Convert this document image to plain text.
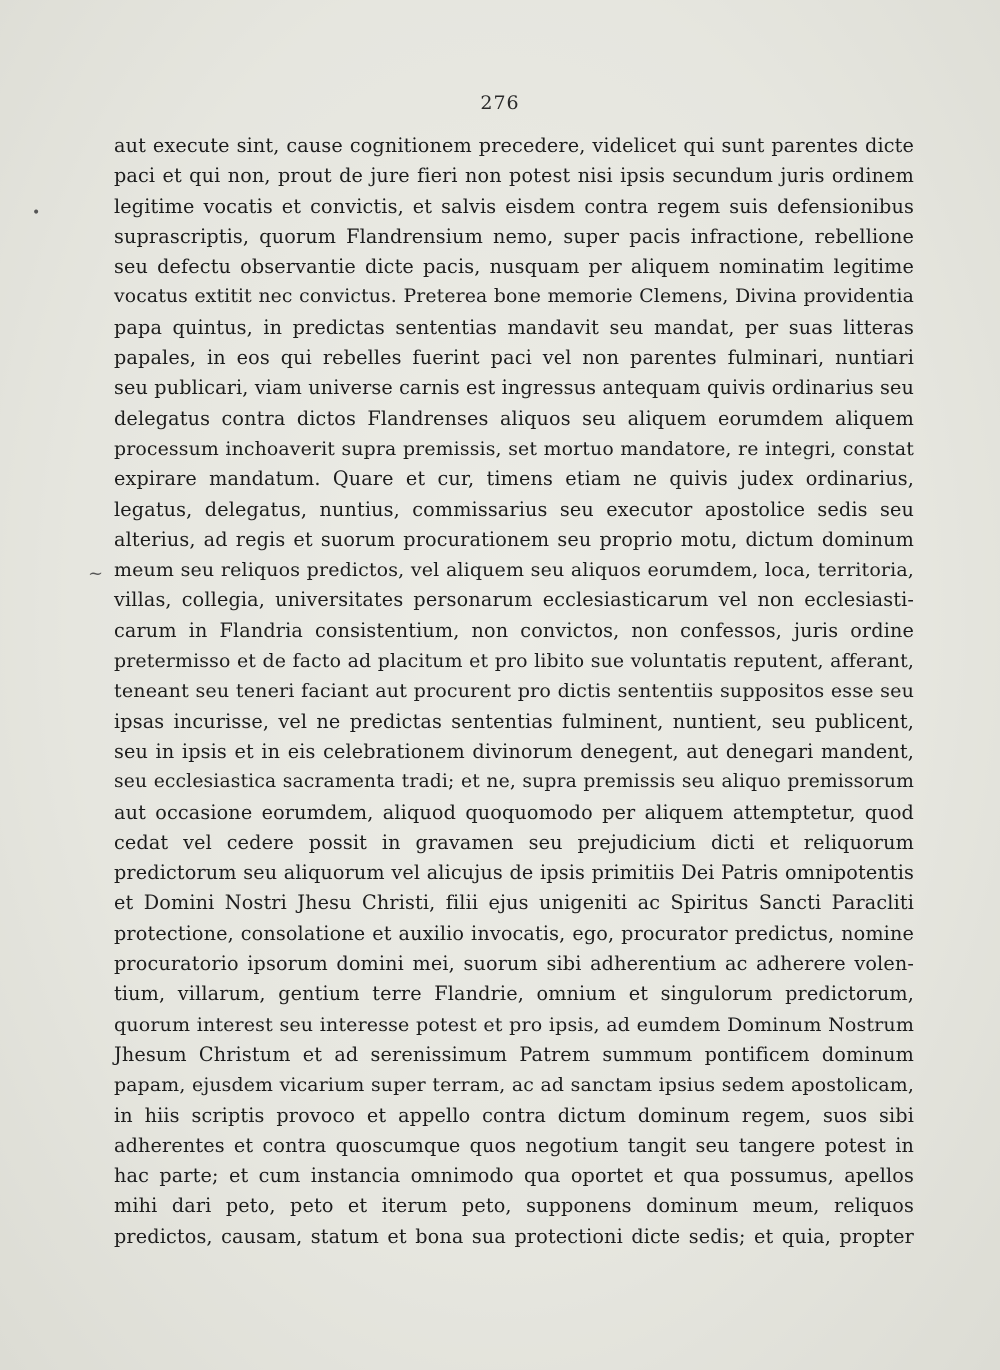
276
•
~
aut execute sint, cause cognitionem precedere, videlicet qui sunt parentes dicte
paci et qui non, prout de jure fieri non potest nisi ipsis secundum juris ordinem
legitime vocatis et convictis, et salvis eisdem contra regem suis defensionibus
suprascriptis, quorum Flandrensium nemo, super pacis infractione, rebellione
seu defectu observantie dicte pacis, nusquam per aliquem nominatim legitime
vocatus extitit nec convictus. Preterea bone memorie Clemens, Divina providentia
papa quintus, in predictas sententias mandavit seu mandat, per suas litteras
papales, in eos qui rebelles fuerint paci vel non parentes fulminari, nuntiari
seu publicari, viam universe carnis est ingressus antequam quivis ordinarius seu
delegatus contra dictos Flandrenses aliquos seu aliquem eorumdem aliquem
processum inchoaverit supra premissis, set mortuo mandatore, re integri, constat
expirare mandatum. Quare et cur, timens etiam ne quivis judex ordinarius,
legatus, delegatus, nuntius, commissarius seu executor apostolice sedis seu
alterius, ad regis et suorum procurationem seu proprio motu, dictum dominum
meum seu reliquos predictos, vel aliquem seu aliquos eorumdem, loca, territoria,
villas, collegia, universitates personarum ecclesiasticarum vel non ecclesiasti-
carum in Flandria consistentium, non convictos, non confessos, juris ordine
pretermisso et de facto ad placitum et pro libito sue voluntatis reputent, afferant,
teneant seu teneri faciant aut procurent pro dictis sententiis suppositos esse seu
ipsas incurisse, vel ne predictas sententias fulminent, nuntient, seu publicent,
seu in ipsis et in eis celebrationem divinorum denegent, aut denegari mandent,
seu ecclesiastica sacramenta tradi; et ne, supra premissis seu aliquo premissorum
aut occasione eorumdem, aliquod quoquomodo per aliquem attemptetur, quod
cedat vel cedere possit in gravamen seu prejudicium dicti et reliquorum
predictorum seu aliquorum vel alicujus de ipsis primitiis Dei Patris omnipotentis
et Domini Nostri Jhesu Christi, filii ejus unigeniti ac Spiritus Sancti Paracliti
protectione, consolatione et auxilio invocatis, ego, procurator predictus, nomine
procuratorio ipsorum domini mei, suorum sibi adherentium ac adherere volen-
tium, villarum, gentium terre Flandrie, omnium et singulorum predictorum,
quorum interest seu interesse potest et pro ipsis, ad eumdem Dominum Nostrum
Jhesum Christum et ad serenissimum Patrem summum pontificem dominum
papam, ejusdem vicarium super terram, ac ad sanctam ipsius sedem apostolicam,
in hiis scriptis provoco et appello contra dictum dominum regem, suos sibi
adherentes et contra quoscumque quos negotium tangit seu tangere potest in
hac parte; et cum instancia omnimodo qua oportet et qua possumus, apellos
mihi dari peto, peto et iterum peto, supponens dominum meum, reliquos
predictos, causam, statum et bona sua protectioni dicte sedis; et quia, propter
